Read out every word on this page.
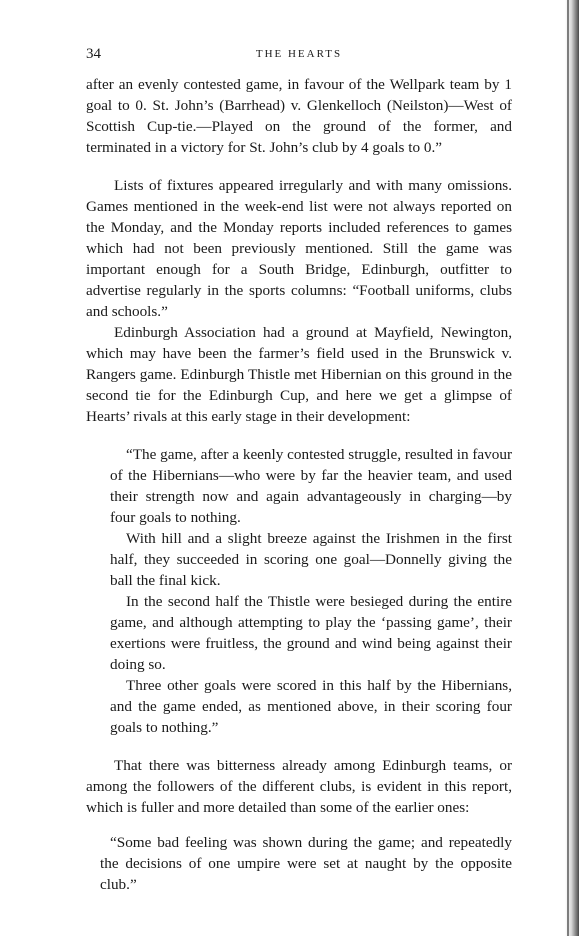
34	THE HEARTS

after an evenly contested game, in favour of the Wellpark team by 1 goal to 0. St. John’s (Barrhead) v. Glenkelloch (Neilston)—West of Scottish Cup-tie.—Played on the ground of the former, and terminated in a victory for St. John’s club by 4 goals to 0.”

Lists of fixtures appeared irregularly and with many omissions. Games mentioned in the week-end list were not always reported on the Monday, and the Monday reports included references to games which had not been previously mentioned. Still the game was important enough for a South Bridge, Edinburgh, outfitter to advertise regularly in the sports columns: “Football uniforms, clubs and schools.”

Edinburgh Association had a ground at Mayfield, Newington, which may have been the farmer’s field used in the Brunswick v. Rangers game. Edinburgh Thistle met Hibernian on this ground in the second tie for the Edinburgh Cup, and here we get a glimpse of Hearts’ rivals at this early stage in their development:

“The game, after a keenly contested struggle, resulted in favour of the Hibernians—who were by far the heavier team, and used their strength now and again advantageously in charging—by four goals to nothing.

With hill and a slight breeze against the Irishmen in the first half, they succeeded in scoring one goal—Donnelly giving the ball the final kick.

In the second half the Thistle were besieged during the entire game, and although attempting to play the ‘passing game’, their exertions were fruitless, the ground and wind being against their doing so.

Three other goals were scored in this half by the Hibernians, and the game ended, as mentioned above, in their scoring four goals to nothing.”

That there was bitterness already among Edinburgh teams, or among the followers of the different clubs, is evident in this report, which is fuller and more detailed than some of the earlier ones:

“Some bad feeling was shown during the game; and repeatedly the decisions of one umpire were set at naught by the opposite club.”
